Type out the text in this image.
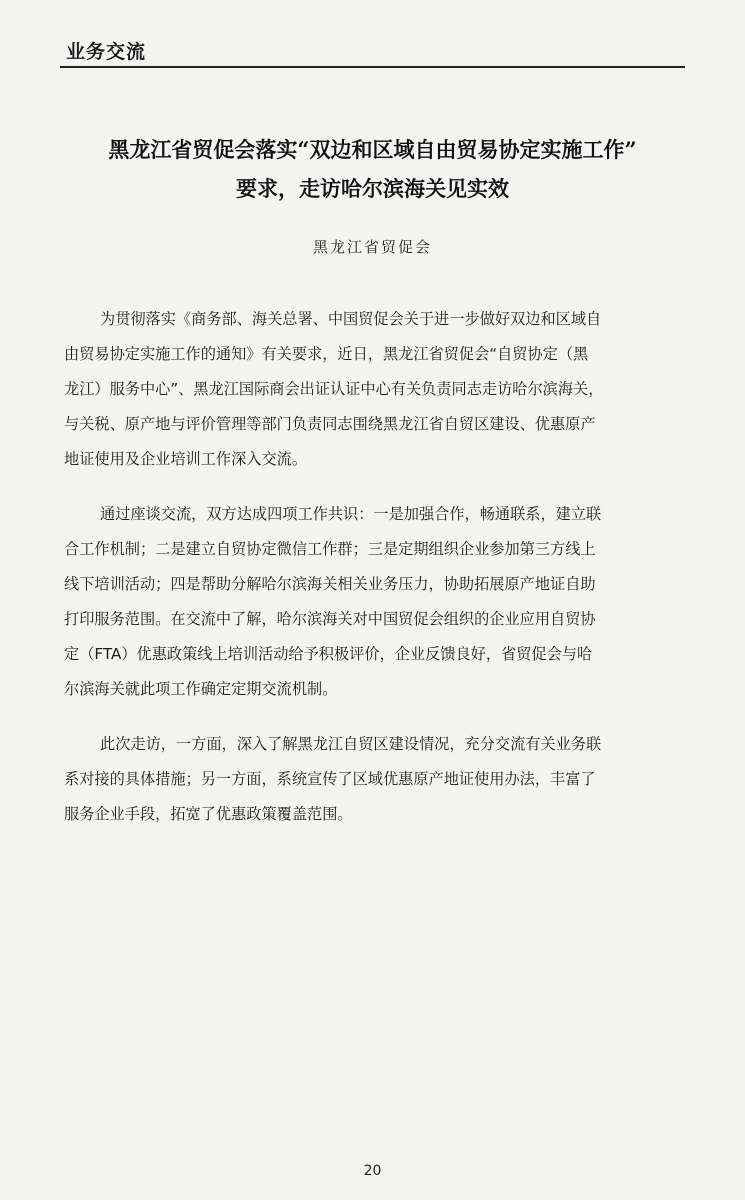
业务交流
黑龙江省贸促会落实“双边和区域自由贸易协定实施工作”
要求，走访哈尔滨海关见实效
黑龙江省贸促会
为贯彻落实《商务部、海关总署、中国贸促会关于进一步做好双边和区域自
由贸易协定实施工作的通知》有关要求，近日，黑龙江省贸促会“自贸协定（黑
龙江）服务中心”、黑龙江国际商会出证认证中心有关负责同志走访哈尔滨海关，
与关税、原产地与评价管理等部门负责同志围绕黑龙江省自贸区建设、优惠原产
地证使用及企业培训工作深入交流。
通过座谈交流，双方达成四项工作共识：一是加强合作，畅通联系，建立联
合工作机制；二是建立自贸协定微信工作群；三是定期组织企业参加第三方线上
线下培训活动；四是帮助分解哈尔滨海关相关业务压力，协助拓展原产地证自助
打印服务范围。在交流中了解，哈尔滨海关对中国贸促会组织的企业应用自贸协
定（FTA）优惠政策线上培训活动给予积极评价，企业反馈良好，省贸促会与哈
尔滨海关就此项工作确定定期交流机制。
此次走访，一方面，深入了解黑龙江自贸区建设情况，充分交流有关业务联
系对接的具体措施；另一方面，系统宣传了区域优惠原产地证使用办法，丰富了
服务企业手段，拓宽了优惠政策覆盖范围。
20
